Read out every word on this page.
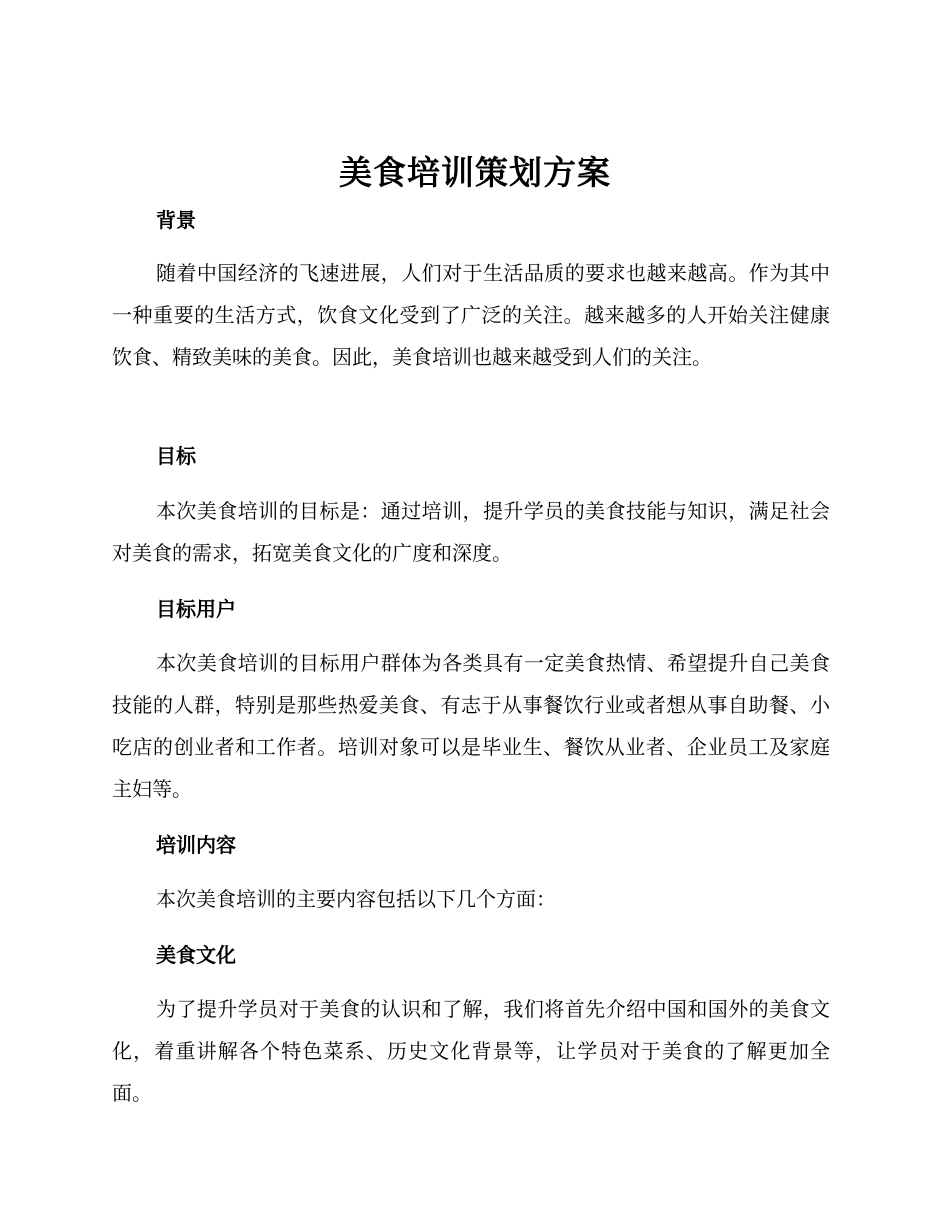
美食培训策划方案
背景
随着中国经济的飞速进展，人们对于生活品质的要求也越来越高。作为其中一种重要的生活方式，饮食文化受到了广泛的关注。越来越多的人开始关注健康饮食、精致美味的美食。因此，美食培训也越来越受到人们的关注。
目标
本次美食培训的目标是：通过培训，提升学员的美食技能与知识，满足社会对美食的需求，拓宽美食文化的广度和深度。
目标用户
本次美食培训的目标用户群体为各类具有一定美食热情、希望提升自己美食技能的人群，特别是那些热爱美食、有志于从事餐饮行业或者想从事自助餐、小吃店的创业者和工作者。培训对象可以是毕业生、餐饮从业者、企业员工及家庭主妇等。
培训内容
本次美食培训的主要内容包括以下几个方面：
美食文化
为了提升学员对于美食的认识和了解，我们将首先介绍中国和国外的美食文化，着重讲解各个特色菜系、历史文化背景等，让学员对于美食的了解更加全面。
